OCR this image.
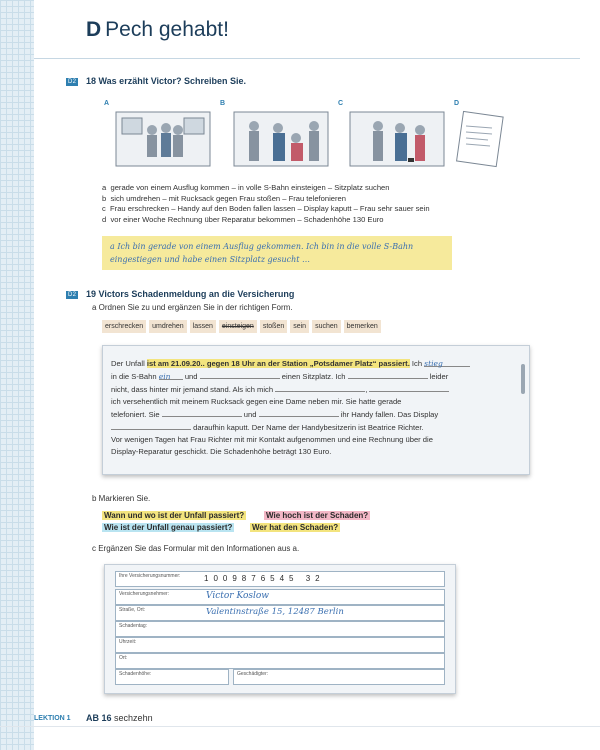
D Pech gehabt!
D2 18 Was erzählt Victor? Schreiben Sie.
A	B	C	D
a gerade von einem Ausflug kommen – in volle S-Bahn einsteigen – Sitzplatz suchen
b sich umdrehen – mit Rucksack gegen Frau stoßen – Frau telefonieren
c Frau erschrecken – Handy auf den Boden fallen lassen – Display kaputt – Frau sehr sauer sein
d vor einer Woche Rechnung über Reparatur bekommen – Schadenhöhe 130 Euro
a Ich bin gerade von einem Ausflug gekommen. Ich bin in die volle S-Bahn
eingestiegen und habe einen Sitzplatz gesucht …
D2 19 Victors Schadenmeldung an die Versicherung
a Ordnen Sie zu und ergänzen Sie in der richtigen Form.
erschrecken	umdrehen	lassen	einsteigen	stoßen	sein	suchen	bemerken
Der Unfall ist am 21.09.20.. gegen 18 Uhr an der Station „Potsdamer Platz“ passiert. Ich stieg
in die S-Bahn ein und	einen Sitzplatz. Ich	leider
nicht, dass hinter mir jemand stand. Als ich mich	,
ich versehentlich mit meinem Rucksack gegen eine Dame neben mir. Sie hatte gerade
telefoniert. Sie	und	ihr Handy fallen. Das Display
daraufhin kaputt. Der Name der Handybesitzerin ist Beatrice Richter.
Vor wenigen Tagen hat Frau Richter mit mir Kontakt aufgenommen und eine Rechnung über die
Display-Reparatur geschickt. Die Schadenhöhe beträgt 130 Euro.
b Markieren Sie.
Wann und wo ist der Unfall passiert?	Wie hoch ist der Schaden?
Wie ist der Unfall genau passiert? Wer hat den Schaden?
c Ergänzen Sie das Formular mit den Informationen aus a.
Ihre Versicherungsnummer:	1009876545 32
Versicherungsnehmer:	Victor Koslow
Straße, Ort:	Valentinstraße 15, 12487 Berlin
Schadentag:
Uhrzeit:
Ort:
Schadenhöhe:	Geschädigter:
LEKTION 1 AB 16 sechzehn
